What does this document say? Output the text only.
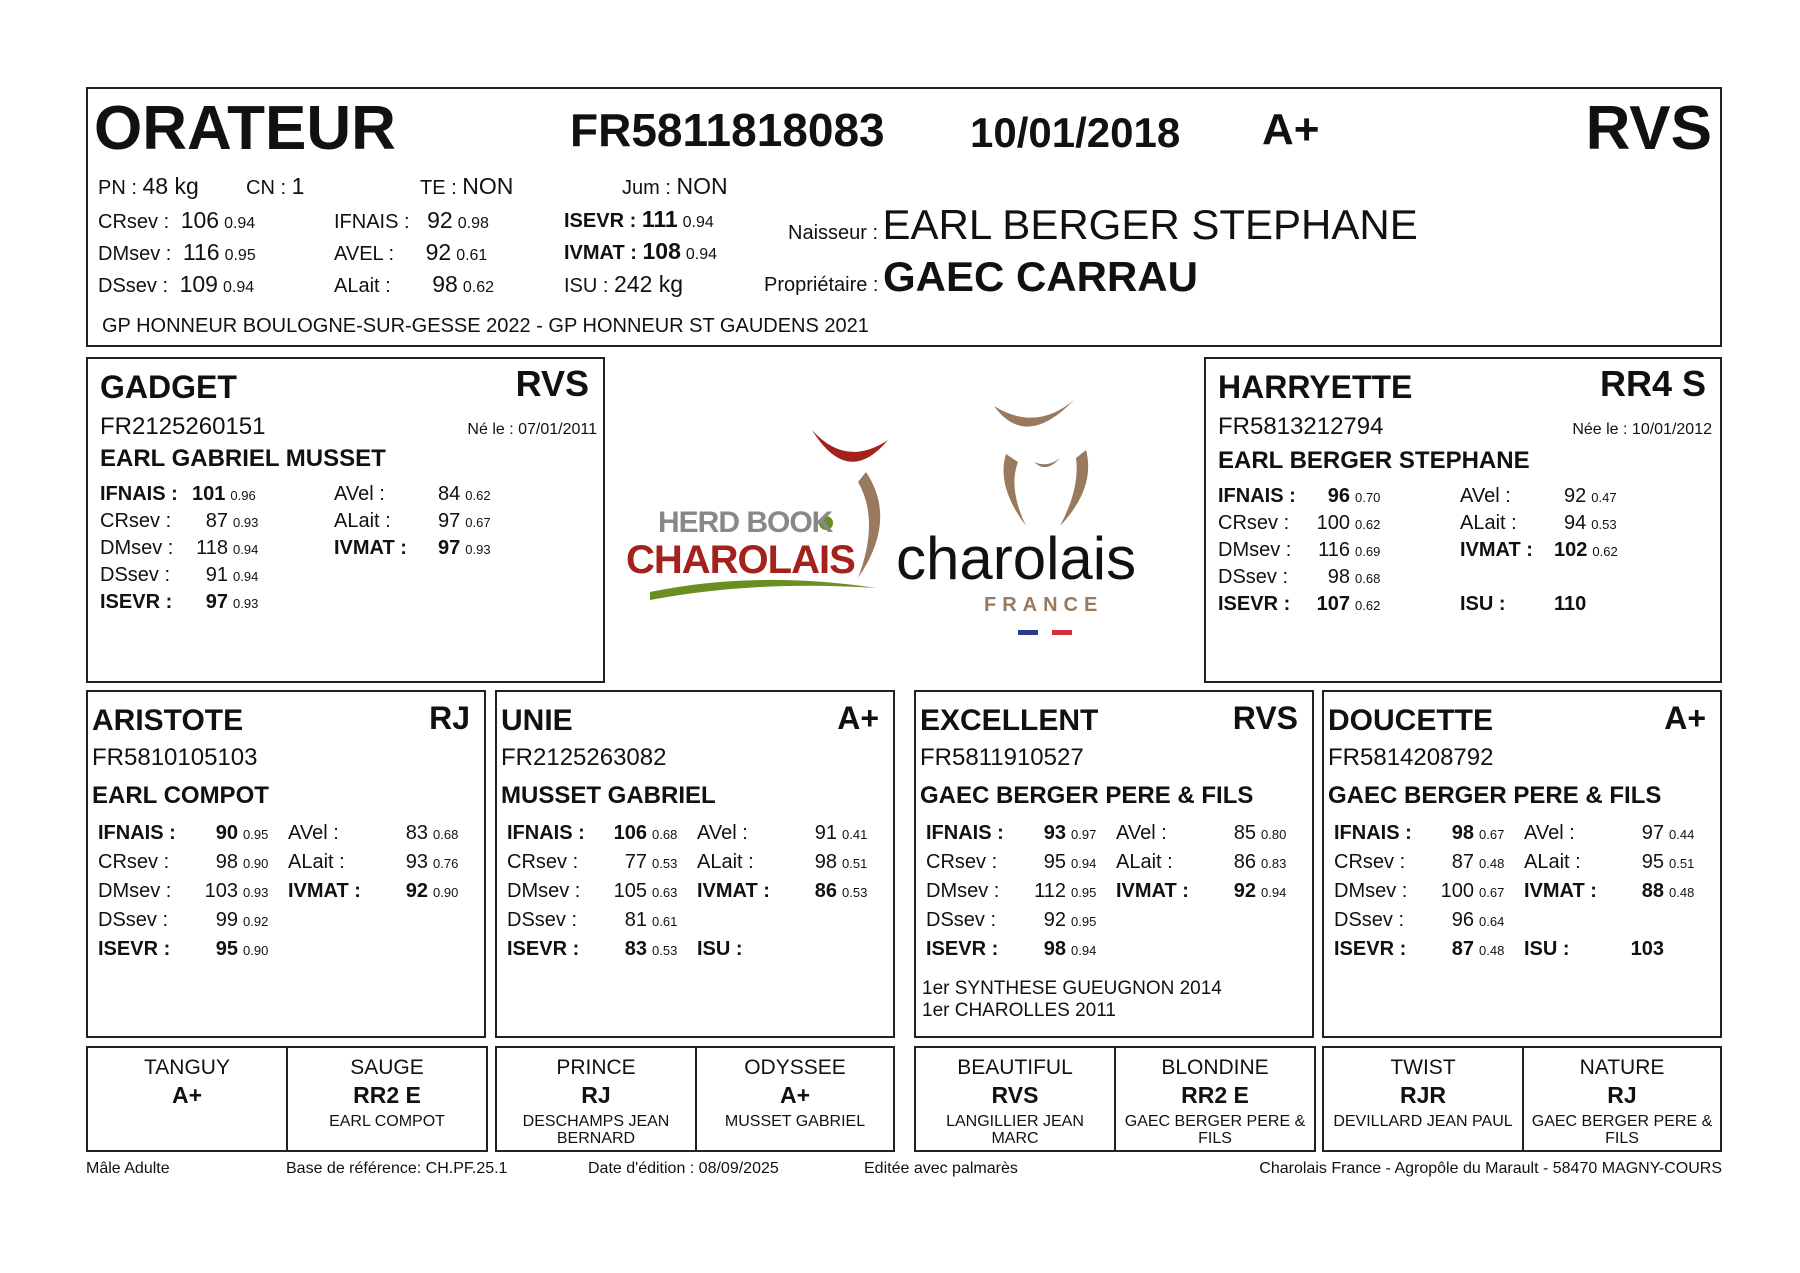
ORATEUR	FR5811818083 10/01/2018 A+	RVS
PN : 48 kg CN : 1	TE : NON	Jum : NON
CRsev : 106 0.94
DMsev : 116 0.95
DSsev : 109 0.94
IFNAIS : 92 0.98
AVEL : 92 0.61
ALait : 98 0.62
ISEVR : 111 0.94
IVMAT : 108 0.94
ISU : 242 kg
Naisseur : EARL BERGER STEPHANE
Propriétaire : GAEC CARRAU
GP HONNEUR BOULOGNE-SUR-GESSE 2022 - GP HONNEUR ST GAUDENS 2021
GADGET	RVS
FR2125260151	Né le : 07/01/2011
EARL GABRIEL MUSSET
IFNAIS : 101 0.96
CRsev : 87 0.93
DMsev : 118 0.94
DSsev : 91 0.94
ISEVR : 97 0.93
AVel :	84 0.62
ALait : 97 0.67
IVMAT : 97 0.93
HERD BOOK
CHAROLAIS charolais
FRANCE
HARRYETTE	RR4 S
FR5813212794	Née le : 10/01/2012
EARL BERGER STEPHANE
IFNAIS : 96 0.70
CRsev : 100 0.62
DMsev : 116 0.69
DSsev : 98 0.68
ISEVR : 107 0.62
AVel :	92 0.47
ALait : 94 0.53
IVMAT : 102 0.62
ISU : 110
ARISTOTE	RJ
FR5810105103
EARL COMPOT
IFNAIS : 90 0.95
CRsev : 98 0.90
DMsev : 103 0.93
DSsev : 99 0.92
ISEVR : 95 0.90
AVel :	83 0.68
ALait :	93 0.76
IVMAT : 92 0.90
UNIE	A+
FR2125263082
MUSSET GABRIEL
IFNAIS : 106 0.68
CRsev : 77 0.53
DMsev : 105 0.63
DSsev : 81 0.61
ISEVR : 83 0.53
AVel :	91 0.41
ALait :	98 0.51
IVMAT : 86 0.53
ISU :
EXCELLENT	RVS
FR5811910527
GAEC BERGER PERE & FILS
IFNAIS : 93 0.97
CRsev : 95 0.94
DMsev : 112 0.95
DSsev : 92 0.95
ISEVR : 98 0.94
AVel :	85 0.80
ALait :	86 0.83
IVMAT : 92 0.94
1er SYNTHESE GUEUGNON 2014
1er CHAROLLES 2011
DOUCETTE	A+
FR5814208792
GAEC BERGER PERE & FILS
IFNAIS : 98 0.67
CRsev : 87 0.48
DMsev : 100 0.67
DSsev : 96 0.64
ISEVR : 87 0.48
AVel :	97 0.44
ALait :	95 0.51
IVMAT : 88 0.48
ISU :	103
TANGUY
A+
SAUGE
RR2 E
EARL COMPOT
PRINCE
RJ
DESCHAMPS JEAN BERNARD
ODYSSEE
A+
MUSSET GABRIEL
BEAUTIFUL
RVS
LANGILLIER JEAN MARC
BLONDINE
RR2 E
GAEC BERGER PERE & FILS
TWIST
RJR
DEVILLARD JEAN PAUL
NATURE
RJ
GAEC BERGER PERE & FILS
Mâle Adulte	Base de référence: CH.PF.25.1	Date d'édition : 08/09/2025	Editée avec palmarès	Charolais France - Agropôle du Marault - 58470 MAGNY-COURS
